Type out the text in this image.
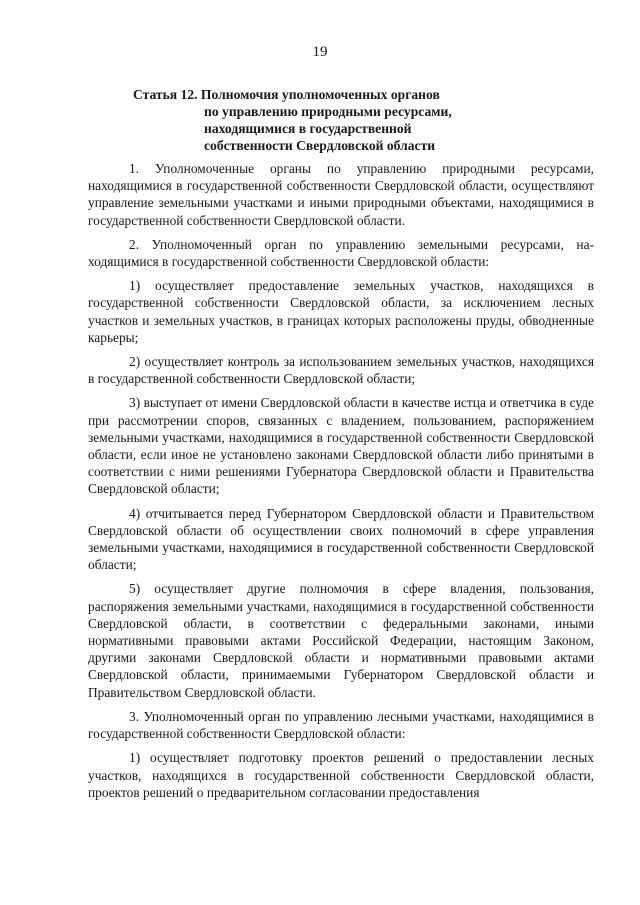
19
Статья 12. Полномочия уполномоченных органов
по управлению природными ресурсами,
находящимися в государственной
собственности Свердловской области

1. Уполномоченные органы по управлению природными ресурсами, находящимися в государственной собственности Свердловской области, осуществляют управление земельными участками и иными природными объектами, находящимися в государственной собственности Свердловской области.

2. Уполномоченный орган по управлению земельными ресурсами, находящимися в государственной собственности Свердловской области:

1) осуществляет предоставление земельных участков, находящихся в государственной собственности Свердловской области, за исключением лесных участков и земельных участков, в границах которых расположены пруды, обводненные карьеры;

2) осуществляет контроль за использованием земельных участков, находящихся в государственной собственности Свердловской области;

3) выступает от имени Свердловской области в качестве истца и ответчика в суде при рассмотрении споров, связанных с владением, пользованием, распоряжением земельными участками, находящимися в государственной собственности Свердловской области, если иное не установлено законами Свердловской области либо принятыми в соответствии с ними решениями Губернатора Свердловской области и Правительства Свердловской области;

4) отчитывается перед Губернатором Свердловской области и Правительством Свердловской области об осуществлении своих полномочий в сфере управления земельными участками, находящимися в государственной собственности Свердловской области;

5) осуществляет другие полномочия в сфере владения, пользования, распоряжения земельными участками, находящимися в государственной собственности Свердловской области, в соответствии с федеральными законами, иными нормативными правовыми актами Российской Федерации, настоящим Законом, другими законами Свердловской области и нормативными правовыми актами Свердловской области, принимаемыми Губернатором Свердловской области и Правительством Свердловской области.

3. Уполномоченный орган по управлению лесными участками, находящимися в государственной собственности Свердловской области:

1) осуществляет подготовку проектов решений о предоставлении лесных участков, находящихся в государственной собственности Свердловской области, проектов решений о предварительном согласовании предоставления
